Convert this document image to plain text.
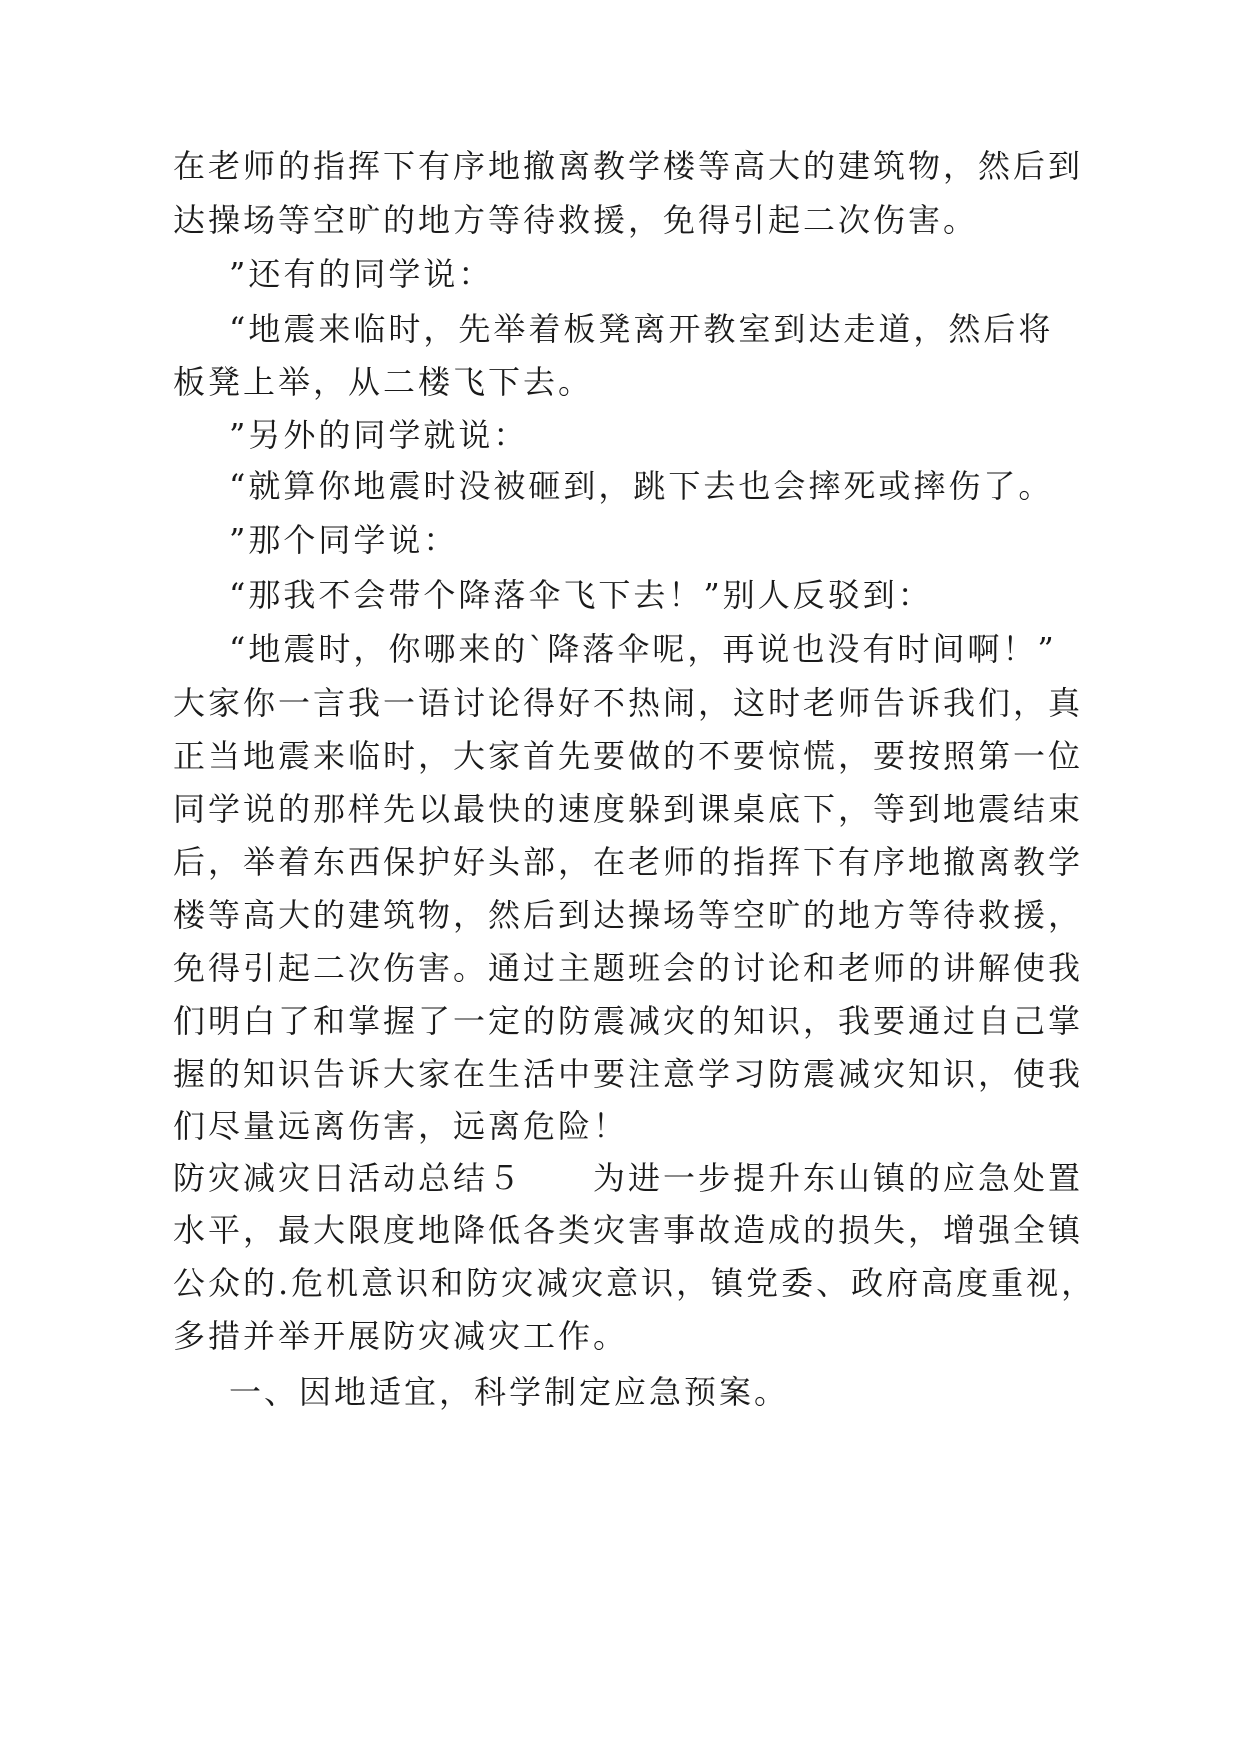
在老师的指挥下有序地撤离教学楼等高大的建筑物，然后到
达操场等空旷的地方等待救援，免得引起二次伤害。
”还有的同学说：
“地震来临时，先举着板凳离开教室到达走道，然后将
板凳上举，从二楼飞下去。
”另外的同学就说：
“就算你地震时没被砸到，跳下去也会摔死或摔伤了。
”那个同学说：
“那我不会带个降落伞飞下去！”别人反驳到：
“地震时，你哪来的`降落伞呢，再说也没有时间啊！”
大家你一言我一语讨论得好不热闹，这时老师告诉我们，真
正当地震来临时，大家首先要做的不要惊慌，要按照第一位
同学说的那样先以最快的速度躲到课桌底下，等到地震结束
后，举着东西保护好头部，在老师的指挥下有序地撤离教学
楼等高大的建筑物，然后到达操场等空旷的地方等待救援，
免得引起二次伤害。通过主题班会的讨论和老师的讲解使我
们明白了和掌握了一定的防震减灾的知识，我要通过自己掌
握的知识告诉大家在生活中要注意学习防震减灾知识，使我
们尽量远离伤害，远离危险！
防灾减灾日活动总结５　　为进一步提升东山镇的应急处置
水平，最大限度地降低各类灾害事故造成的损失，增强全镇
公众的.危机意识和防灾减灾意识，镇党委、政府高度重视，
多措并举开展防灾减灾工作。
一、因地适宜，科学制定应急预案。
